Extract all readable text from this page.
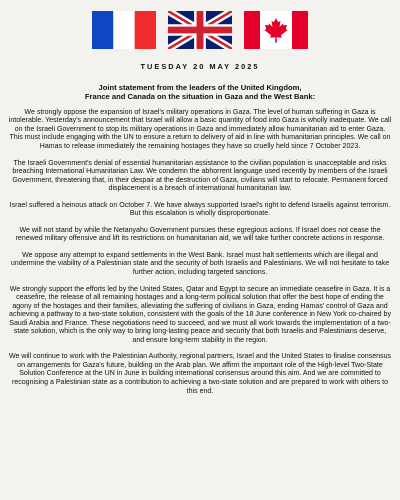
TUESDAY 20 MAY 2025
Joint statement from the leaders of the United Kingdom,
France and Canada on the situation in Gaza and the West Bank:

We strongly oppose the expansion of Israel's military operations in Gaza. The level of human suffering in Gaza is intolerable. Yesterday's announcement that Israel will allow a basic quantity of food into Gaza is wholly inadequate. We call on the Israeli Government to stop its military operations in Gaza and immediately allow humanitarian aid to enter Gaza. This must include engaging with the UN to ensure a return to delivery of aid in line with humanitarian principles. We call on Hamas to release immediately the remaining hostages they have so cruelly held since 7 October 2023.

The Israeli Government's denial of essential humanitarian assistance to the civilian population is unacceptable and risks breaching International Humanitarian Law. We condemn the abhorrent language used recently by members of the Israeli Government, threatening that, in their despair at the destruction of Gaza, civilians will start to relocate. Permanent forced displacement is a breach of international humanitarian law.

Israel suffered a heinous attack on October 7. We have always supported Israel's right to defend Israelis against terrorism. But this escalation is wholly disproportionate.

We will not stand by while the Netanyahu Government pursues these egregious actions. If Israel does not cease the renewed military offensive and lift its restrictions on humanitarian aid, we will take further concrete actions in response.

We oppose any attempt to expand settlements in the West Bank. Israel must halt settlements which are illegal and undermine the viability of a Palestinian state and the security of both Israelis and Palestinians. We will not hesitate to take further action, including targeted sanctions.

We strongly support the efforts led by the United States, Qatar and Egypt to secure an immediate ceasefire in Gaza. It is a ceasefire, the release of all remaining hostages and a long-term political solution that offer the best hope of ending the agony of the hostages and their families, alleviating the suffering of civilians in Gaza, ending Hamas' control of Gaza and achieving a pathway to a two-state solution, consistent with the goals of the 18 June conference in New York co-chaired by Saudi Arabia and France. These negotiations need to succeed, and we must all work towards the implementation of a two-state solution, which is the only way to bring long-lasting peace and security that both Israelis and Palestinians deserve, and ensure long-term stability in the region.

We will continue to work with the Palestinian Authority, regional partners, Israel and the United States to finalise consensus on arrangements for Gaza's future, building on the Arab plan. We affirm the important role of the High-level Two-State Solution Conference at the UN in June in building international consensus around this aim. And we are committed to recognising a Palestinian state as a contribution to achieving a two-state solution and are prepared to work with others to this end.
